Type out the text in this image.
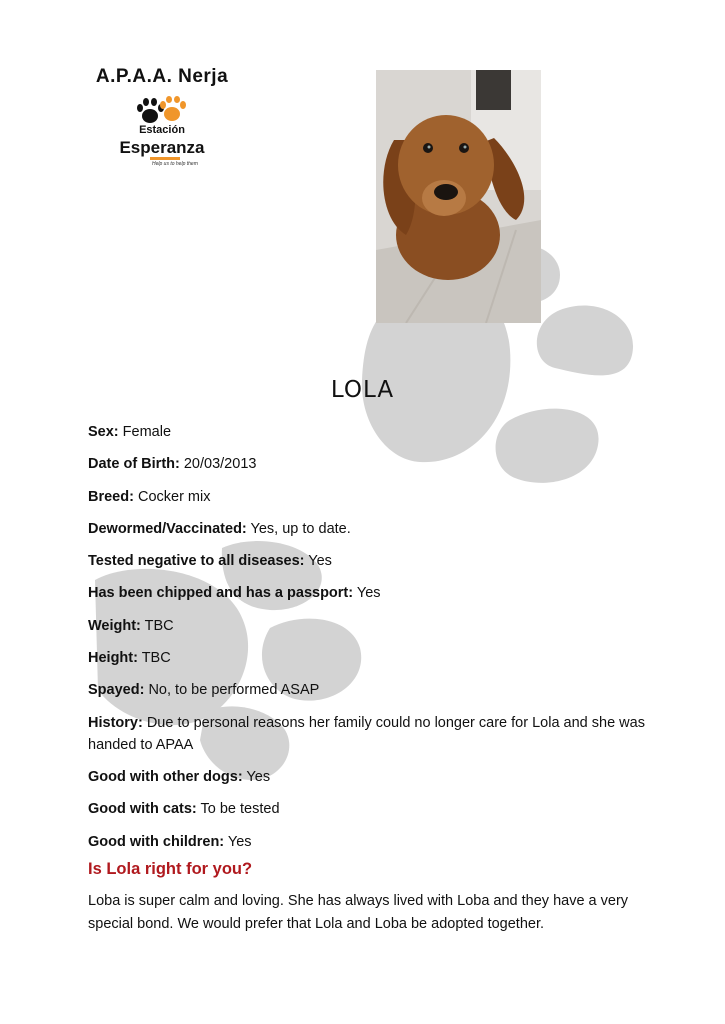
A.P.A.A. Nerja
Estación
Esperanza
Help us to help them
LOLA
Sex: Female
Date of Birth: 20/03/2013
Breed: Cocker mix
Dewormed/Vaccinated: Yes, up to date.
Tested negative to all diseases: Yes
Has been chipped and has a passport: Yes
Weight: TBC
Height: TBC
Spayed: No, to be performed ASAP
History: Due to personal reasons her family could no longer care for Lola and she was handed to APAA
Good with other dogs: Yes
Good with cats: To be tested
Good with children: Yes
Is Lola right for you?
Loba is super calm and loving. She has always lived with Loba and they have a very special bond. We would prefer that Lola and Loba be adopted together.
